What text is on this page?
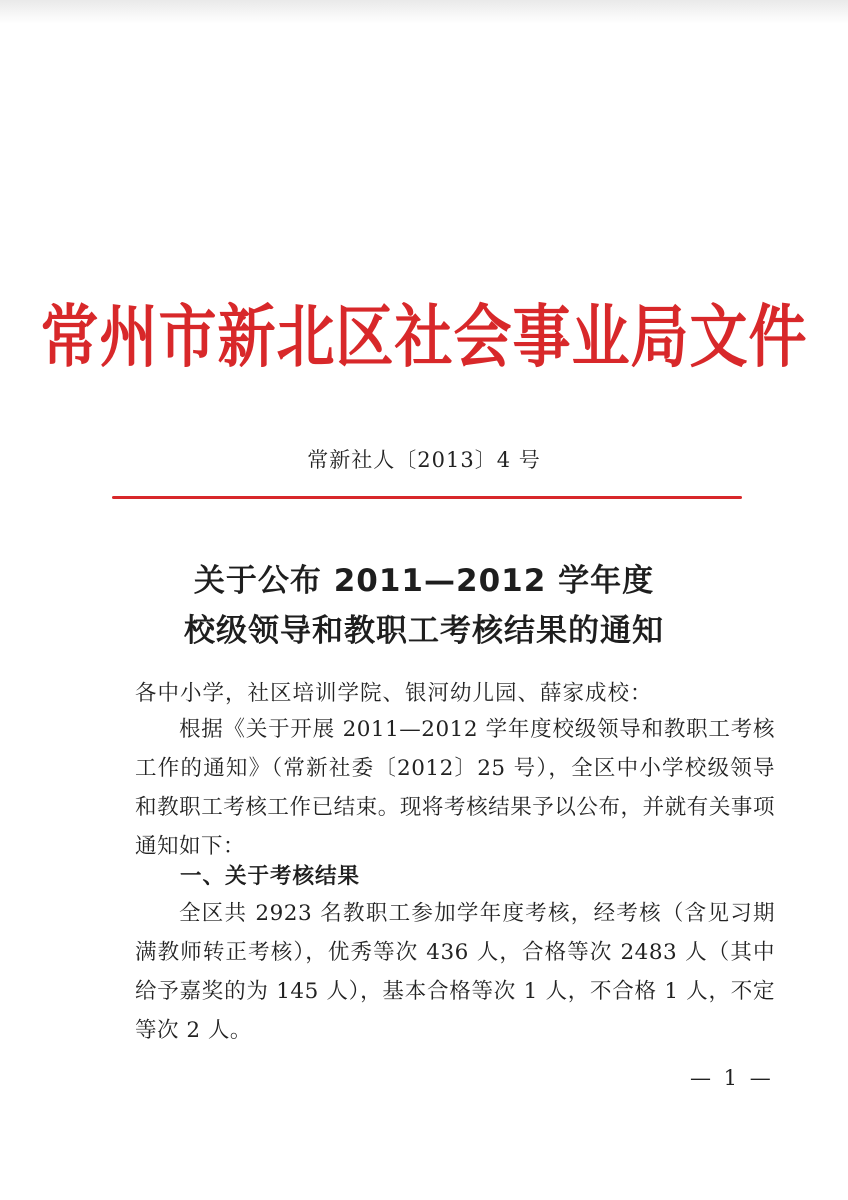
常州市新北区社会事业局文件
常新社人〔2013〕4 号
关于公布 2011—2012 学年度
校级领导和教职工考核结果的通知
各中小学，社区培训学院、银河幼儿园、薛家成校：
根据《关于开展 2011—2012 学年度校级领导和教职工考核工作的通知》（常新社委〔2012〕25 号），全区中小学校级领导和教职工考核工作已结束。现将考核结果予以公布，并就有关事项通知如下：
一、关于考核结果
全区共 2923 名教职工参加学年度考核，经考核（含见习期满教师转正考核），优秀等次 436 人，合格等次 2483 人（其中给予嘉奖的为 145 人），基本合格等次 1 人，不合格 1 人，不定等次 2 人。
— 1 —
